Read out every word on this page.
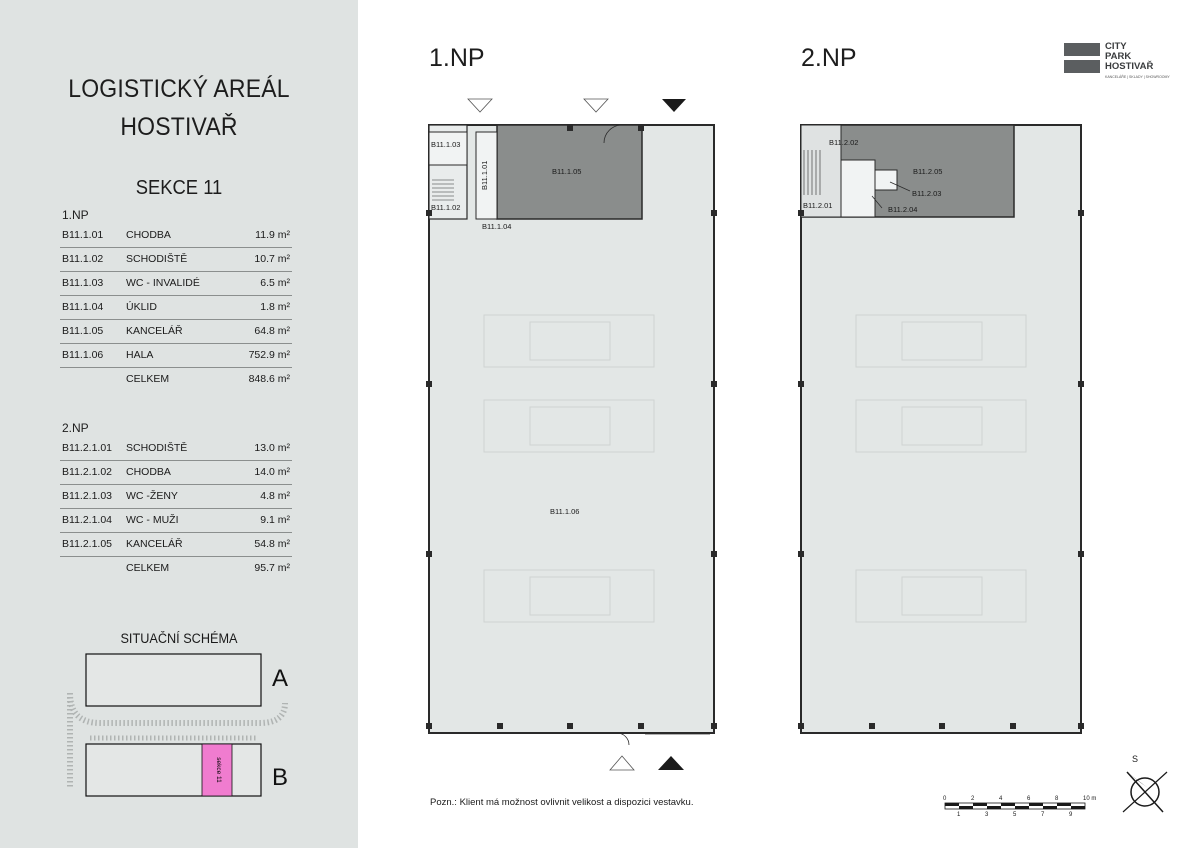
LOGISTICKÝ AREÁL
HOSTIVAŘ
SEKCE 11
1.NP
B11.1.01 CHODBA	11.9 m²
B11.1.02 SCHODIŠTĚ	10.7 m²
B11.1.03 WC - INVALIDÉ	6.5 m²
B11.1.04 ÚKLID	1.8 m²
B11.1.05 KANCELÁŘ	64.8 m²
B11.1.06 HALA	752.9 m²
CELKEM	848.6 m²
2.NP
B11.2.1.01 SCHODIŠTĚ	13.0 m²
B11.2.1.02 CHODBA	14.0 m²
B11.2.1.03 WC -ŽENY	4.8 m²
B11.2.1.04 WC - MUŽI	9.1 m²
B11.2.1.05 KANCELÁŘ	54.8 m²
CELKEM	95.7 m²
SITUAČNÍ SCHÉMA
sekce 11
A
B
1.NP	2.NP	CITY
PARK
HOSTIVAŘ
KANCELÁŘE | SKLADY | SHOWROOMY
B11.1.03
B11.1.01	B11.1.05
B11.1.02
B11.1.04
B11.1.06
B11.2.02
B11.2.05
B11.2.03
B11.2.01	B11.2.04
Pozn.: Klient má možnost ovlivnit velikost a dispozici vestavku.	0	2	4	6	8	10 m
1	3	5	7	9
S
